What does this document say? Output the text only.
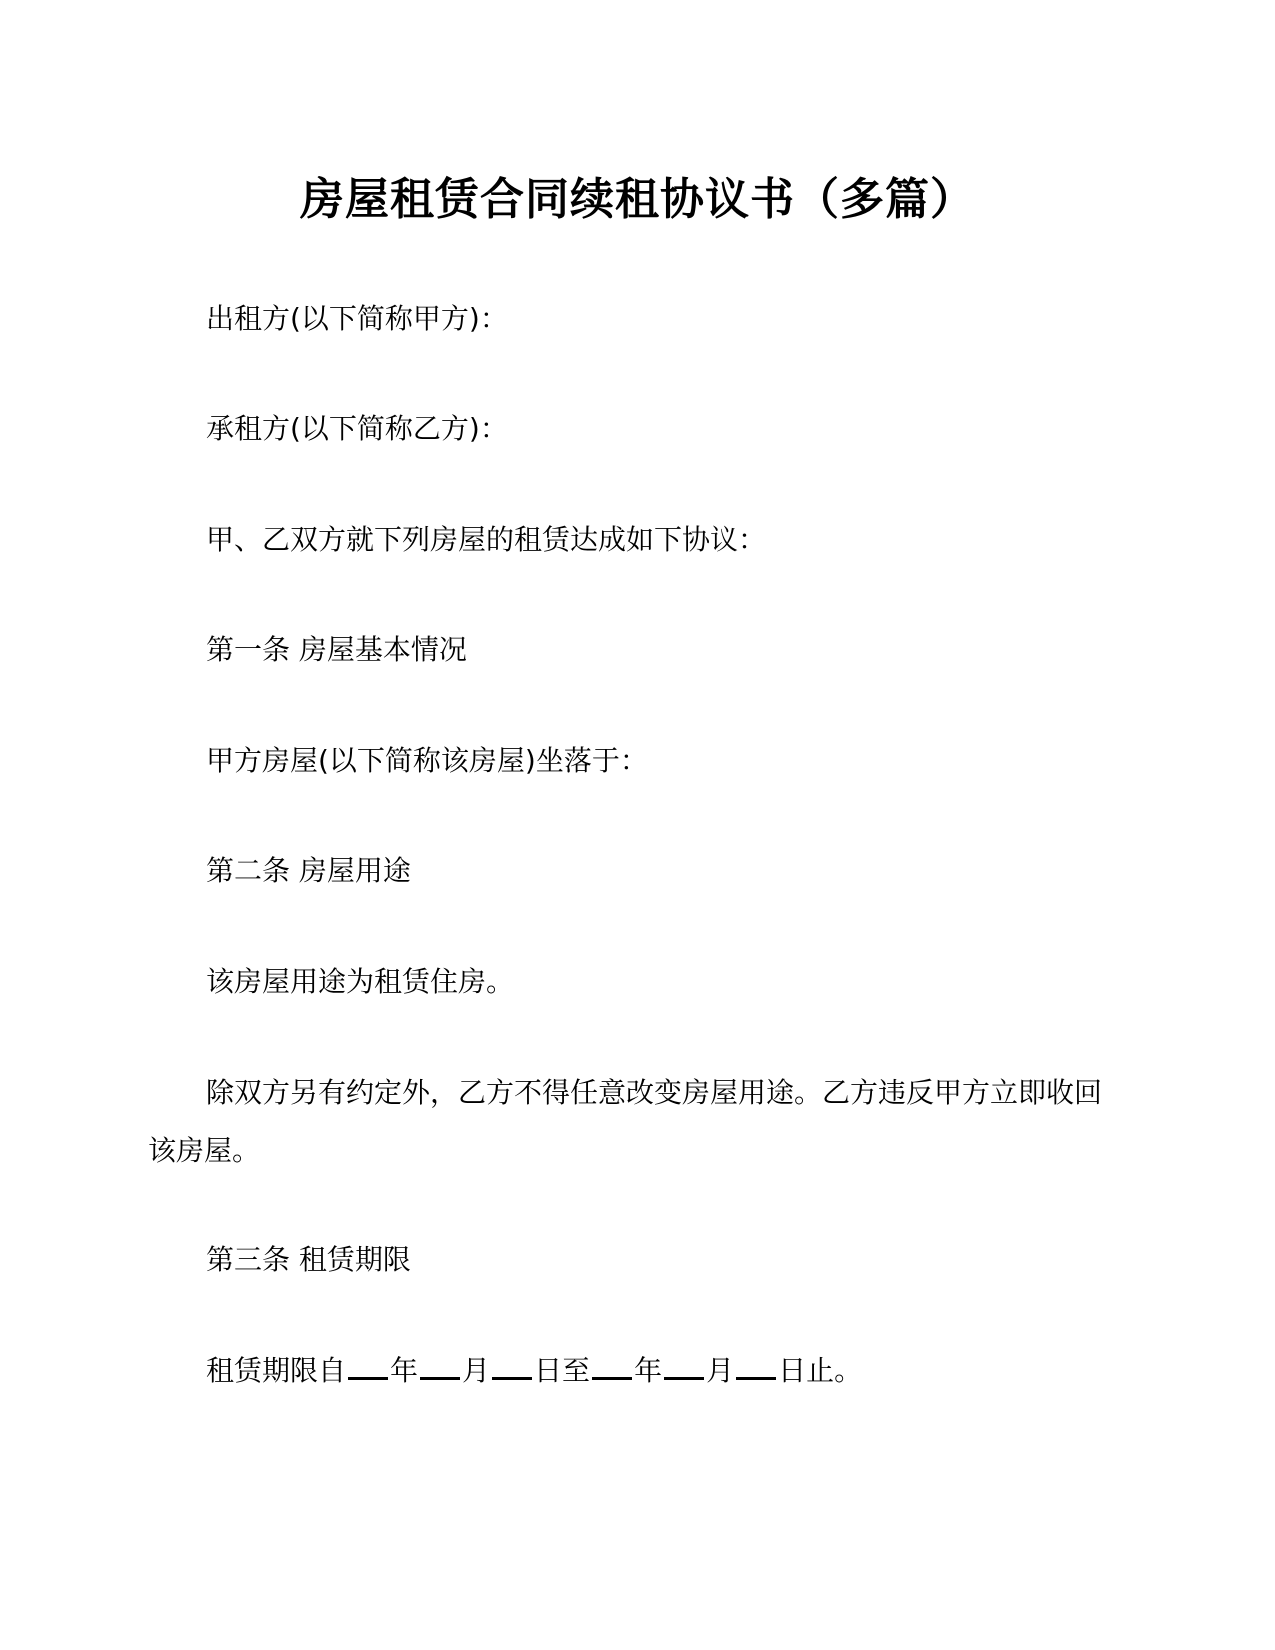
房屋租赁合同续租协议书（多篇）

出租方(以下简称甲方)：

承租方(以下简称乙方)：

甲、乙双方就下列房屋的租赁达成如下协议：

第一条 房屋基本情况

甲方房屋(以下简称该房屋)坐落于：

第二条 房屋用途

该房屋用途为租赁住房。

除双方另有约定外，乙方不得任意改变房屋用途。乙方违反甲方立即收回该房屋。

第三条 租赁期限

租赁期限自 年 月 日至 年 月 日止。
